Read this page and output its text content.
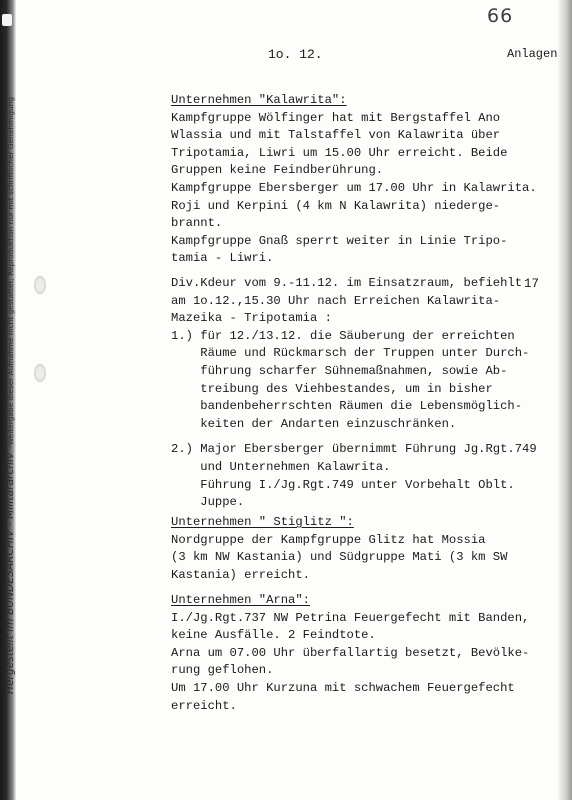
Hergestellt im BUNDESARCHIV - Militärarchiv - Weitergabe dieser Aufnahme nicht gestattet; Reproduktion nur mit schriftlicher Genehmigung
66
1o. 12.	Anlagen
17
Unternehmen "Kalawrita":
Kampfgruppe Wölfinger hat mit Bergstaffel Ano
Wlassia und mit Talstaffel von Kalawrita über
Tripotamia, Liwri um 15.00 Uhr erreicht. Beide
Gruppen keine Feindberührung.
Kampfgruppe Ebersberger um 17.00 Uhr in Kalawrita.
Roji und Kerpini (4 km N Kalawrita) niederge-
brannt.
Kampfgruppe Gnaß sperrt weiter in Linie Tripo-
tamia - Liwri.
Div.Kdeur vom 9.-11.12. im Einsatzraum, befiehlt
am 1o.12.,15.30 Uhr nach Erreichen Kalawrita-
Mazeika - Tripotamia :
1.) für 12./13.12. die Säuberung der erreichten
Räume und Rückmarsch der Truppen unter Durch-
führung scharfer Sühnemaßnahmen, sowie Ab-
treibung des Viehbestandes, um in bisher
bandenbeherrschten Räumen die Lebensmöglich-
keiten der Andarten einzuschränken.
2.) Major Ebersberger übernimmt Führung Jg.Rgt.749
und Unternehmen Kalawrita.
Führung I./Jg.Rgt.749 unter Vorbehalt Oblt.
Juppe.
Unternehmen " Stiglitz ":
Nordgruppe der Kampfgruppe Glitz hat Mossia
(3 km NW Kastania) und Südgruppe Mati (3 km SW
Kastania) erreicht.
Unternehmen "Arna":
I./Jg.Rgt.737 NW Petrina Feuergefecht mit Banden,
keine Ausfälle. 2 Feindtote.
Arna um 07.00 Uhr überfallartig besetzt, Bevölke-
rung geflohen.
Um 17.00 Uhr Kurzuna mit schwachem Feuergefecht
erreicht.
